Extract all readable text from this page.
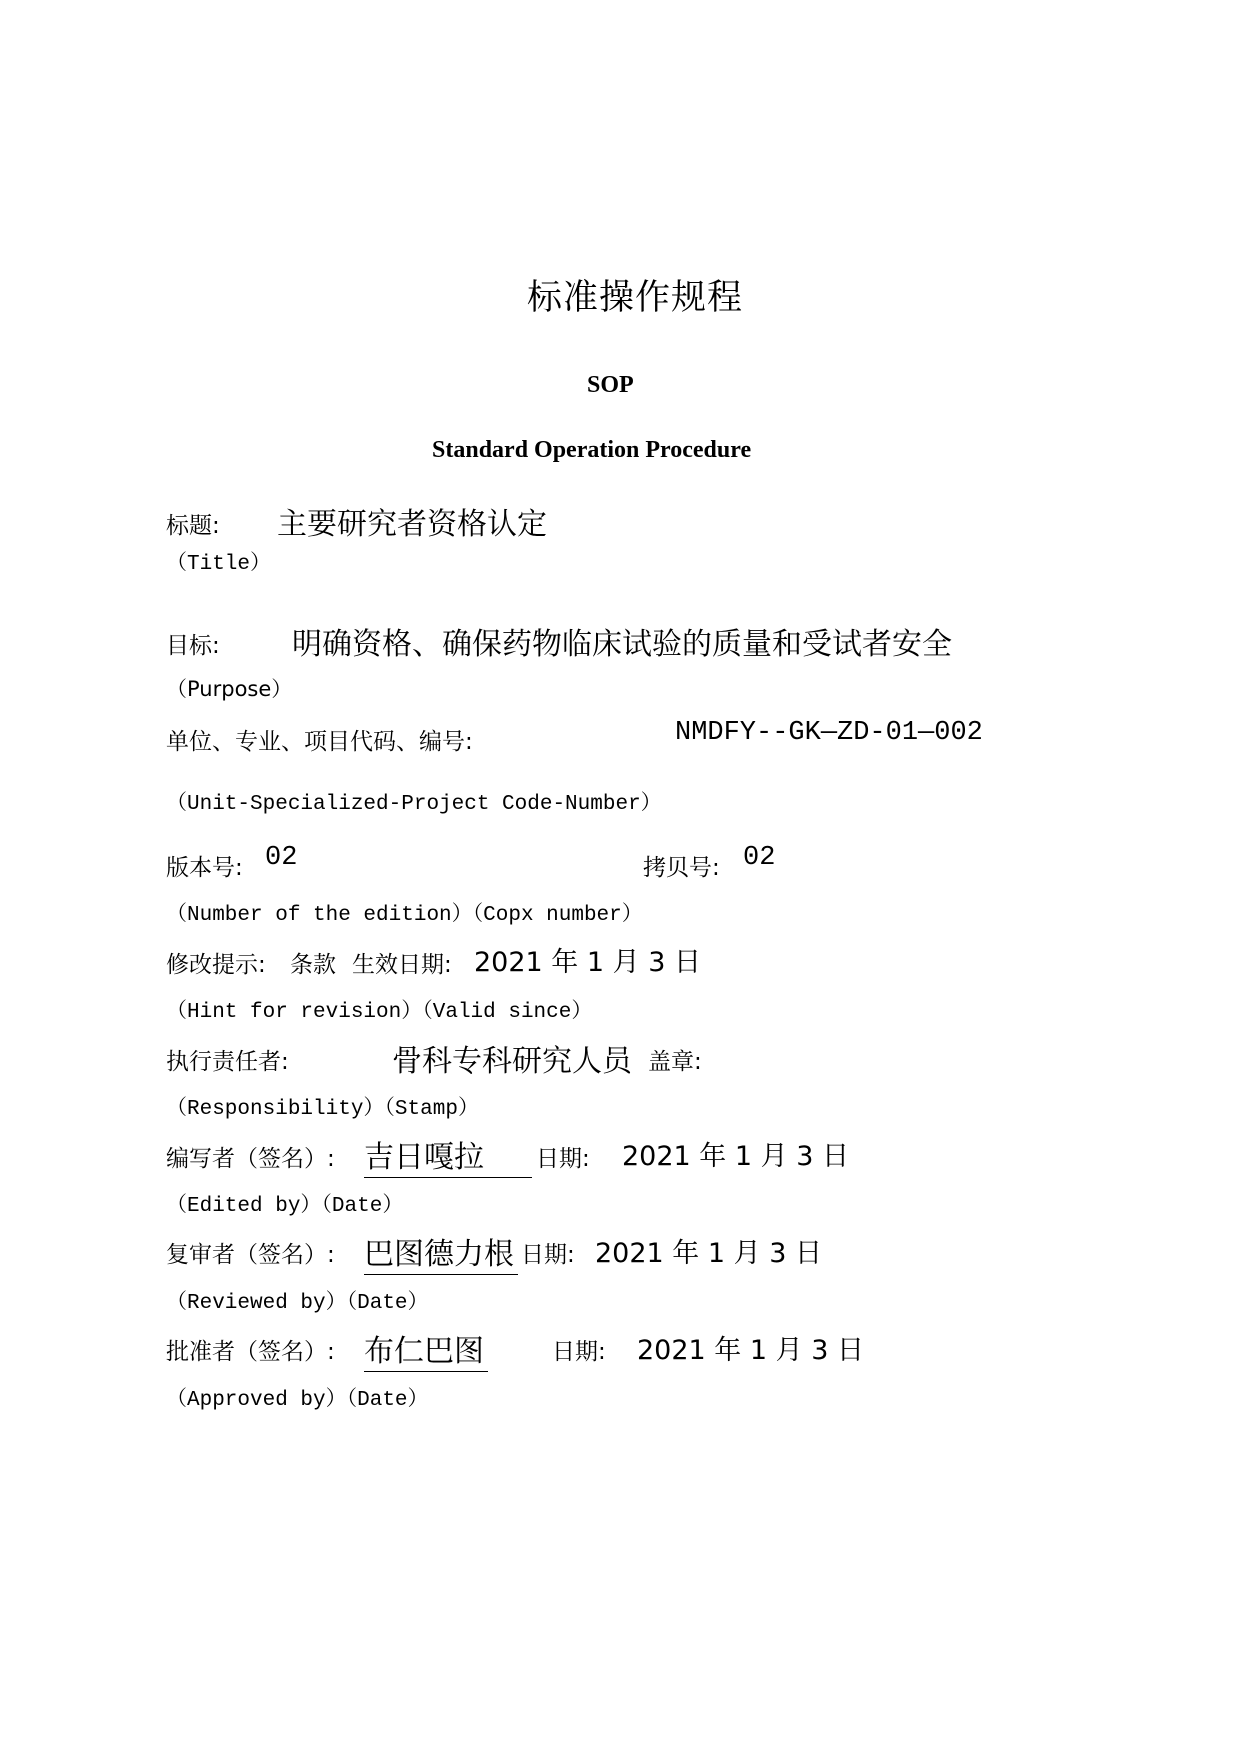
标准操作规程
SOP
Standard Operation Procedure
标题: 主要研究者资格认定
（Title）
目标: 明确资格、确保药物临床试验的质量和受试者安全
（Purpose）
单位、专业、项目代码、编号:	NMDFY--GK—ZD-01—002
（Unit-Specialized-Project Code-Number）
版本号: 02	拷贝号: 02
（Number of the edition）（Copx number）
修改提示: 条款 生效日期: 2021 年 1 月 3 日
（Hint for revision）（Valid since）
执行责任者:	骨科专科研究人员 盖章:
（Responsibility）（Stamp）
编写者（签名）: 吉日嘎拉	日期: 2021 年 1 月 3 日
（Edited by）（Date）
复审者（签名）: 巴图德力根 日期: 2021 年 1 月 3 日
（Reviewed by）（Date）
批准者（签名）: 布仁巴图	日期: 2021 年 1 月 3 日
（Approved by）（Date）
